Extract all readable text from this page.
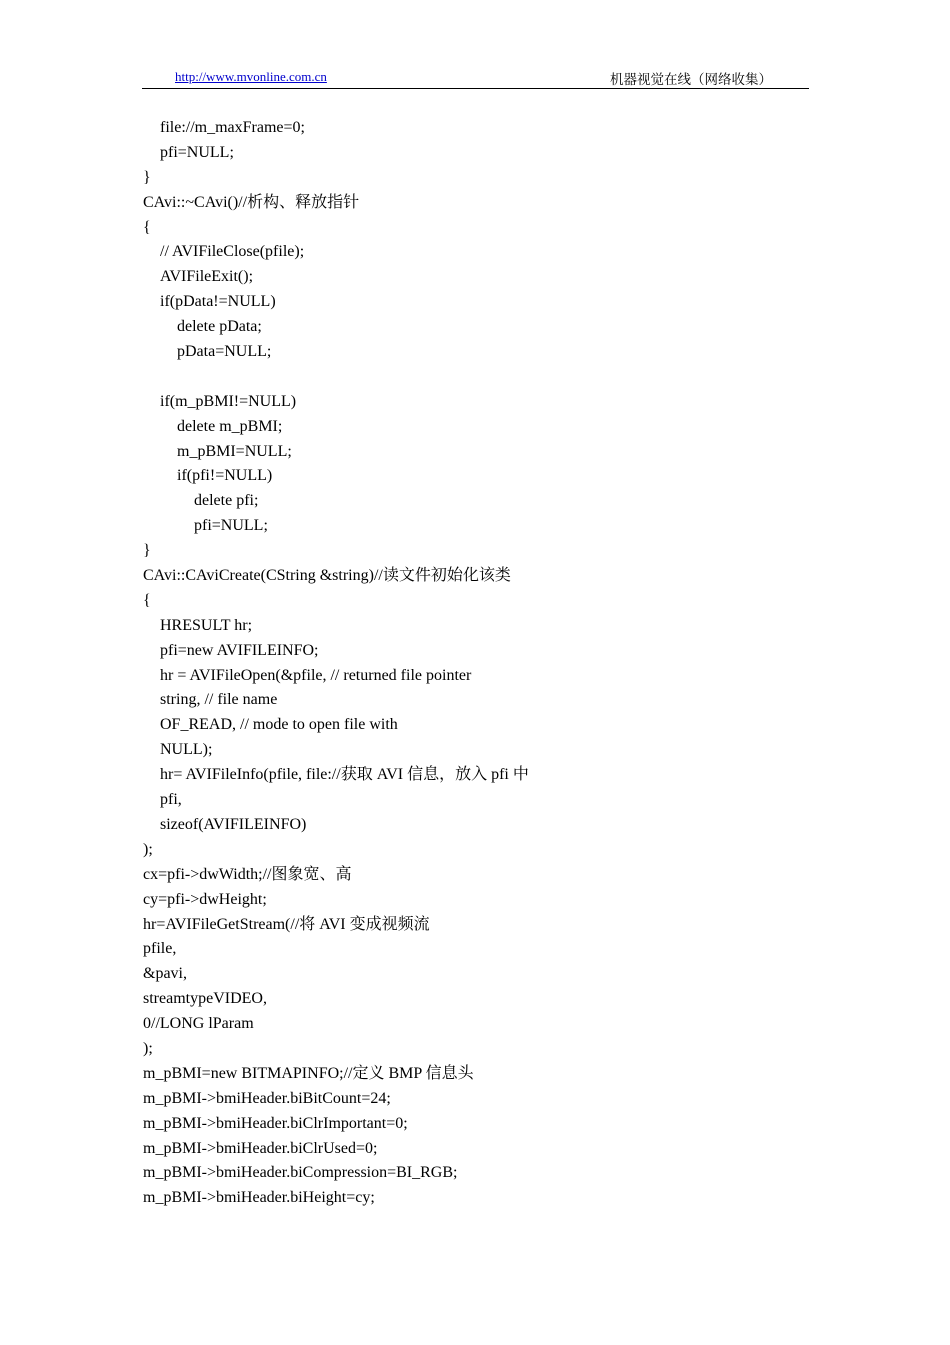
http://www.mvonline.com.cn	机器视觉在线（网络收集）
file://m_maxFrame=0;
pfi=NULL;
}
CAvi::~CAvi()//析构、释放指针
{
// AVIFileClose(pfile);
AVIFileExit();
if(pData!=NULL)
delete pData;
pData=NULL;
if(m_pBMI!=NULL)
delete m_pBMI;
m_pBMI=NULL;
if(pfi!=NULL)
delete pfi;
pfi=NULL;
}
CAvi::CAviCreate(CString &string)//读文件初始化该类
{
HRESULT hr;
pfi=new AVIFILEINFO;
hr = AVIFileOpen(&pfile, // returned file pointer
string, // file name
OF_READ, // mode to open file with
NULL);
hr= AVIFileInfo(pfile, file://获取 AVI 信息，放入 pfi 中
pfi,
sizeof(AVIFILEINFO)
);
cx=pfi->dwWidth;//图象宽、高
cy=pfi->dwHeight;
hr=AVIFileGetStream(//将 AVI 变成视频流
pfile,
&pavi,
streamtypeVIDEO,
0//LONG lParam
);
m_pBMI=new BITMAPINFO;//定义 BMP 信息头
m_pBMI->bmiHeader.biBitCount=24;
m_pBMI->bmiHeader.biClrImportant=0;
m_pBMI->bmiHeader.biClrUsed=0;
m_pBMI->bmiHeader.biCompression=BI_RGB;
m_pBMI->bmiHeader.biHeight=cy;
